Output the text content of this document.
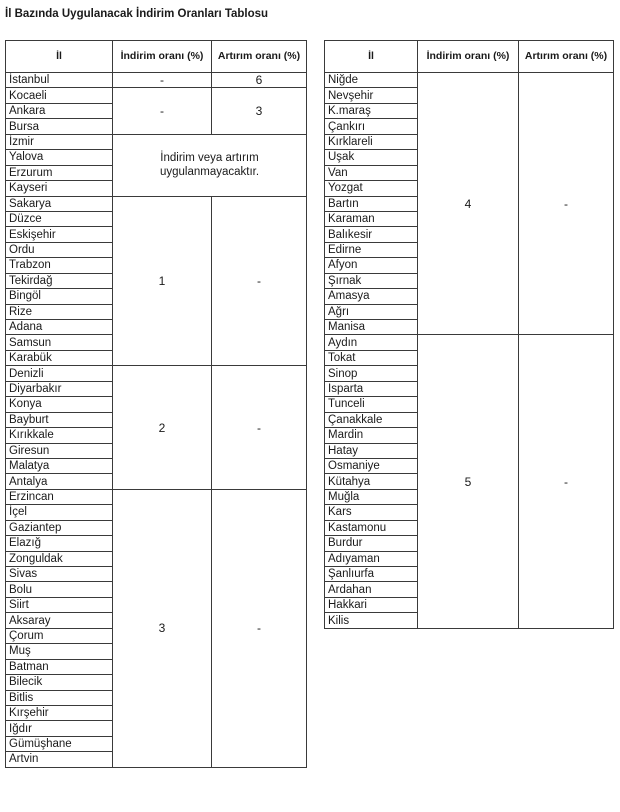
İl Bazında Uygulanacak İndirim Oranları Tablosu
İl	İndirim oranı (%)	Artırım oranı (%)
İstanbul	-	6
Kocaeli	-	3
Ankara		
Bursa		
İzmir	İndirim veya artırım uygulanmayacaktır.	
Yalova		
Erzurum		
Kayseri		
Sakarya	1	-
Düzce		
Eskişehir		
Ordu		
Trabzon		
Tekirdağ		
Bingöl		
Rize		
Adana		
Samsun		
Karabük		
Denizli	2	-
Diyarbakır		
Konya		
Bayburt		
Kırıkkale		
Giresun		
Malatya		
Antalya		
Erzincan	3	-
İçel		
Gaziantep		
Elazığ		
Zonguldak		
Sivas		
Bolu		
Siirt		
Aksaray		
Çorum		
Muş		
Batman		
Bilecik		
Bitlis		
Kırşehir		
Iğdır		
Gümüşhane		
Artvin		
İl	İndirim oranı (%)	Artırım oranı (%)
Niğde	4	-
Nevşehir		
K.maraş		
Çankırı		
Kırklareli		
Uşak		
Van		
Yozgat		
Bartın		
Karaman		
Balıkesir		
Edirne		
Afyon		
Şırnak		
Amasya		
Ağrı		
Manisa		
Aydın	5	-
Tokat		
Sinop		
Isparta		
Tunceli		
Çanakkale		
Mardin		
Hatay		
Osmaniye		
Kütahya		
Muğla		
Kars		
Kastamonu		
Burdur		
Adıyaman		
Şanlıurfa		
Ardahan		
Hakkari		
Kilis		
